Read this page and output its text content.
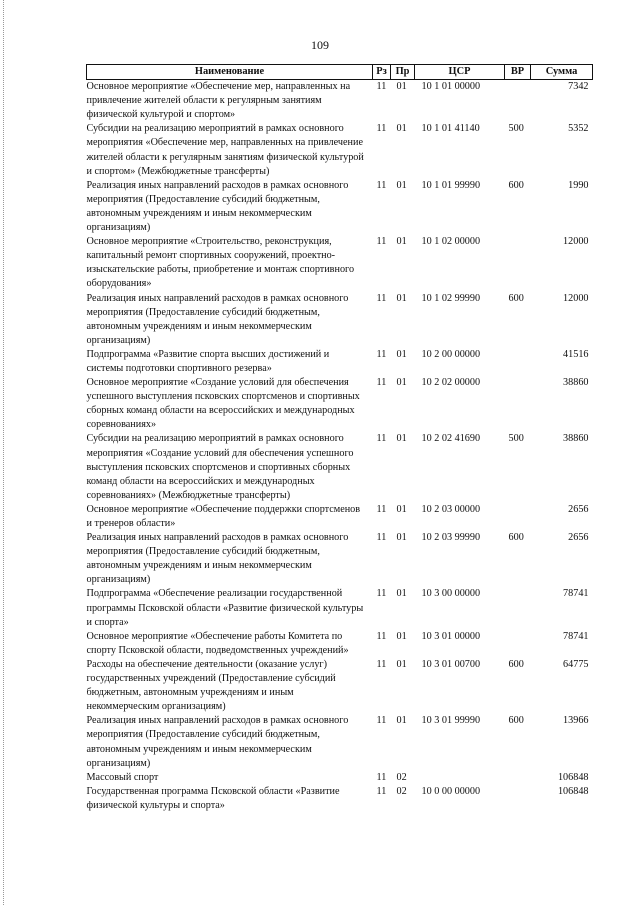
109
Наименование	Рз	Пр	ЦСР	ВР	Сумма
Основное мероприятие «Обеспечение мер, направленных на привлечение жителей области к регулярным занятиям физической культурой и спортом»	11	01	10 1 01 00000		7342
Субсидии на реализацию мероприятий в рамках основного мероприятия «Обеспечение мер, направленных на привлечение жителей области к регулярным занятиям физической культурой и спортом» (Межбюджетные трансферты)	11	01	10 1 01 41140	500	5352
Реализация иных направлений расходов в рамках основного мероприятия (Предоставление субсидий бюджетным, автономным учреждениям и иным некоммерческим организациям)	11	01	10 1 01 99990	600	1990
Основное мероприятие «Строительство, реконструкция, капитальный ремонт спортивных сооружений, проектно-изыскательские работы, приобретение и монтаж спортивного оборудования»	11	01	10 1 02 00000		12000
Реализация иных направлений расходов в рамках основного мероприятия (Предоставление субсидий бюджетным, автономным учреждениям и иным некоммерческим организациям)	11	01	10 1 02 99990	600	12000
Подпрограмма «Развитие спорта высших достижений и системы подготовки спортивного резерва»	11	01	10 2 00 00000		41516
Основное мероприятие «Создание условий для обеспечения успешного выступления псковских спортсменов и спортивных сборных команд области на всероссийских и международных соревнованиях»	11	01	10 2 02 00000		38860
Субсидии на реализацию мероприятий в рамках основного мероприятия «Создание условий для обеспечения успешного выступления псковских спортсменов и спортивных сборных команд области на всероссийских и международных соревнованиях» (Межбюджетные трансферты)	11	01	10 2 02 41690	500	38860
Основное мероприятие «Обеспечение поддержки спортсменов и тренеров области»	11	01	10 2 03 00000		2656
Реализация иных направлений расходов в рамках основного мероприятия (Предоставление субсидий бюджетным, автономным учреждениям и иным некоммерческим организациям)	11	01	10 2 03 99990	600	2656
Подпрограмма «Обеспечение реализации государственной программы Псковской области «Развитие физической культуры и спорта»	11	01	10 3 00 00000		78741
Основное мероприятие «Обеспечение работы Комитета по спорту Псковской области, подведомственных учреждений»	11	01	10 3 01 00000		78741
Расходы на обеспечение деятельности (оказание услуг) государственных учреждений (Предоставление субсидий бюджетным, автономным учреждениям и иным некоммерческим организациям)	11	01	10 3 01 00700	600	64775
Реализация иных направлений расходов в рамках основного мероприятия (Предоставление субсидий бюджетным, автономным учреждениям и иным некоммерческим организациям)	11	01	10 3 01 99990	600	13966
Массовый спорт	11	02			106848
Государственная программа Псковской области «Развитие физической культуры и спорта»	11	02	10 0 00 00000		106848
